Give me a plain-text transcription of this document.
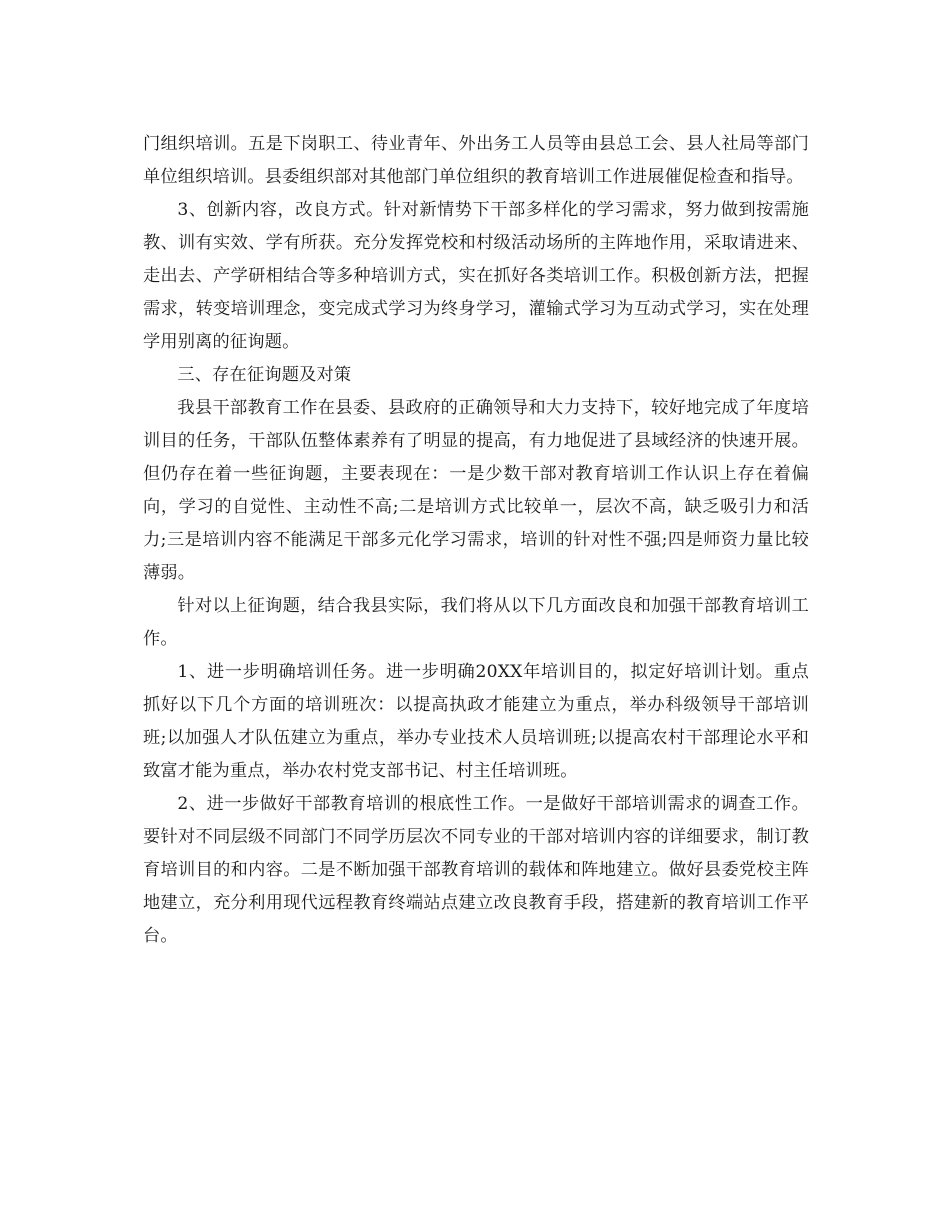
门组织培训。五是下岗职工、待业青年、外出务工人员等由县总工会、县人社局等部门单位组织培训。县委组织部对其他部门单位组织的教育培训工作进展催促检查和指导。

3、创新内容，改良方式。针对新情势下干部多样化的学习需求，努力做到按需施教、训有实效、学有所获。充分发挥党校和村级活动场所的主阵地作用，采取请进来、走出去、产学研相结合等多种培训方式，实在抓好各类培训工作。积极创新方法，把握需求，转变培训理念，变完成式学习为终身学习，灌输式学习为互动式学习，实在处理学用别离的征询题。

三、存在征询题及对策

我县干部教育工作在县委、县政府的正确领导和大力支持下，较好地完成了年度培训目的任务，干部队伍整体素养有了明显的提高，有力地促进了县域经济的快速开展。但仍存在着一些征询题，主要表现在：一是少数干部对教育培训工作认识上存在着偏向，学习的自觉性、主动性不高;二是培训方式比较单一，层次不高，缺乏吸引力和活力;三是培训内容不能满足干部多元化学习需求，培训的针对性不强;四是师资力量比较薄弱。

针对以上征询题，结合我县实际，我们将从以下几方面改良和加强干部教育培训工作。

1、进一步明确培训任务。进一步明确20XX年培训目的，拟定好培训计划。重点抓好以下几个方面的培训班次：以提高执政才能建立为重点，举办科级领导干部培训班;以加强人才队伍建立为重点，举办专业技术人员培训班;以提高农村干部理论水平和致富才能为重点，举办农村党支部书记、村主任培训班。

2、进一步做好干部教育培训的根底性工作。一是做好干部培训需求的调查工作。要针对不同层级不同部门不同学历层次不同专业的干部对培训内容的详细要求，制订教育培训目的和内容。二是不断加强干部教育培训的载体和阵地建立。做好县委党校主阵地建立，充分利用现代远程教育终端站点建立改良教育手段，搭建新的教育培训工作平台。
